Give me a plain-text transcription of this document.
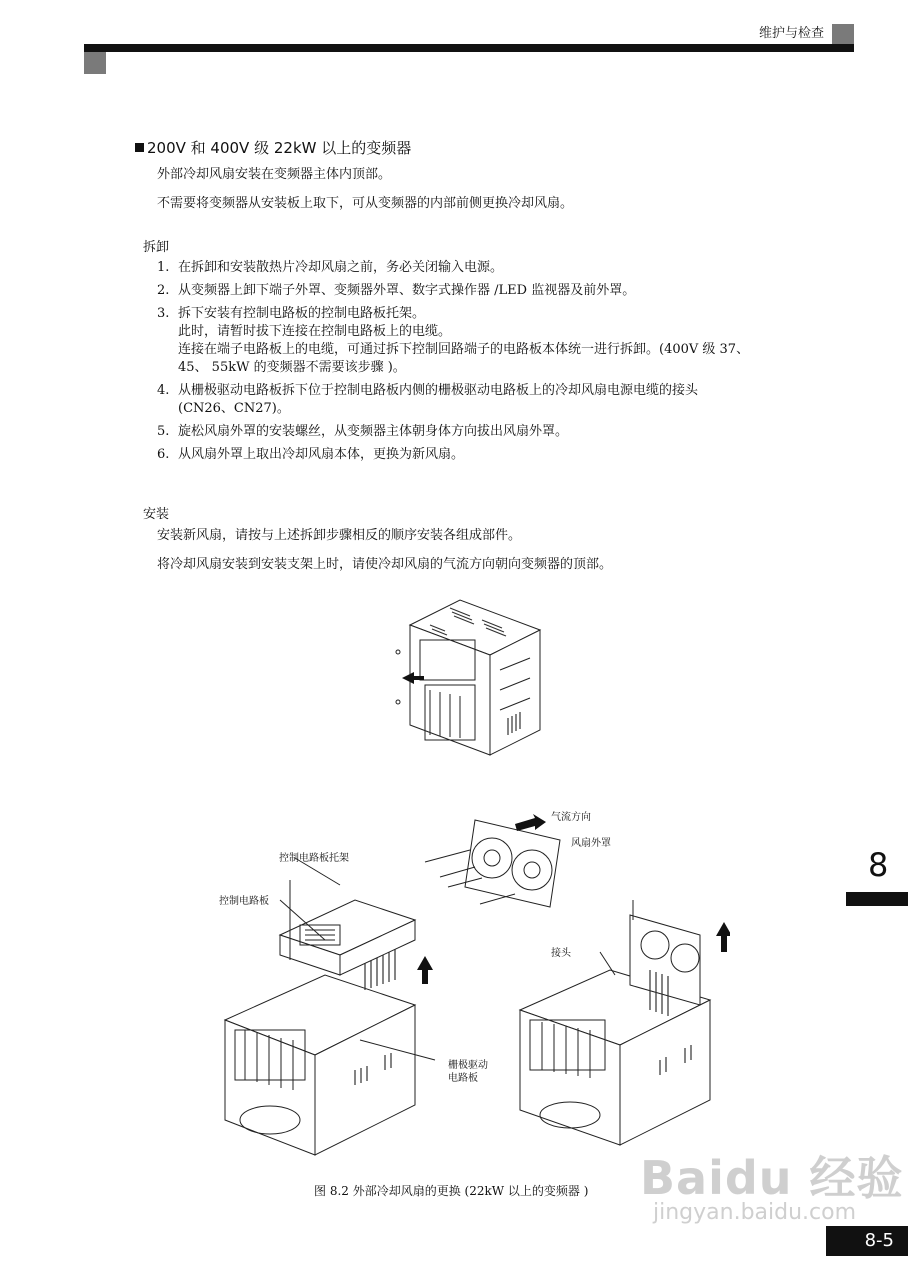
维护与检查
200V 和 400V 级 22kW 以上的变频器
外部冷却风扇安装在变频器主体内顶部。
不需要将变频器从安装板上取下，可从变频器的内部前侧更换冷却风扇。
拆卸
1. 在拆卸和安装散热片冷却风扇之前，务必关闭输入电源。
2. 从变频器上卸下端子外罩、变频器外罩、数字式操作器 /LED 监视器及前外罩。
3. 拆下安装有控制电路板的控制电路板托架。
此时，请暂时拔下连接在控制电路板上的电缆。
连接在端子电路板上的电缆，可通过拆下控制回路端子的电路板本体统一进行拆卸。(400V 级 37、
45、 55kW 的变频器不需要该步骤 )。
4. 从栅极驱动电路板拆下位于控制电路板内侧的栅极驱动电路板上的冷却风扇电源电缆的接头
(CN26、CN27)。
5. 旋松风扇外罩的安装螺丝，从变频器主体朝身体方向拔出风扇外罩。
6. 从风扇外罩上取出冷却风扇本体，更换为新风扇。
安装
安装新风扇，请按与上述拆卸步骤相反的顺序安装各组成部件。
将冷却风扇安装到安装支架上时，请使冷却风扇的气流方向朝向变频器的顶部。
气流方向
风扇外罩
控制电路板托架
控制电路板
接头
栅极驱动
电路板
8
图 8.2 外部冷却风扇的更换 (22kW 以上的变频器 ) Baidu 经验
jingyan.baidu.com
8-5
